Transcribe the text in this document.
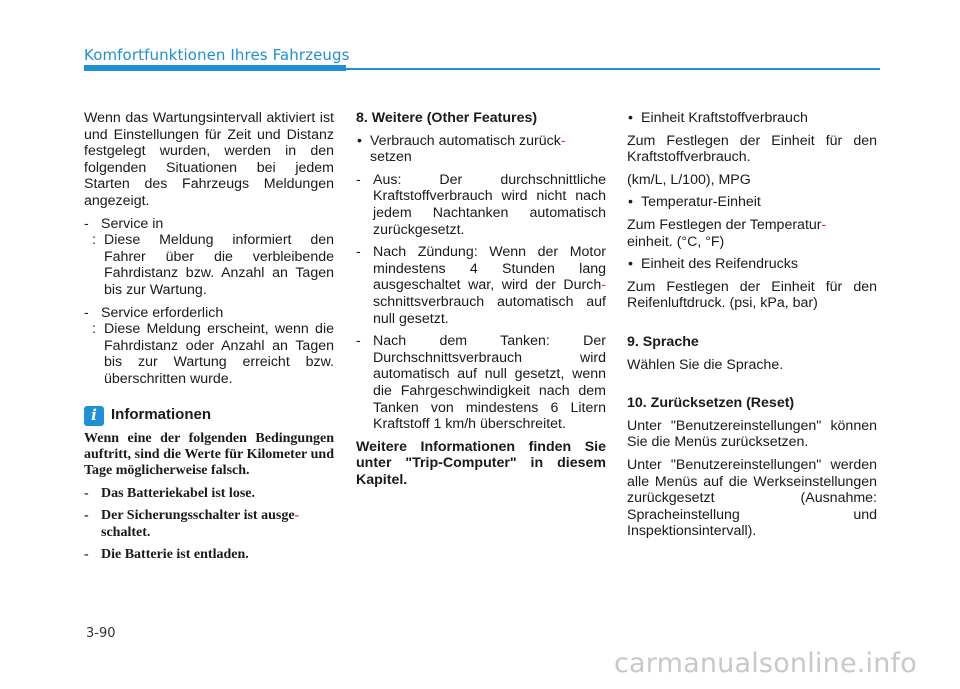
Komfortfunktionen Ihres Fahrzeugs

Wenn das Wartungsintervall aktiviert ist und Einstellungen für Zeit und Distanz festgelegt wurden, werden in den folgenden Situationen bei jedem Starten des Fahrzeugs Meldungen angezeigt.

- Service in
: Diese Meldung informiert den Fahrer über die verbleibende Fahrdistanz bzw. Anzahl an Tagen bis zur Wartung.
- Service erforderlich
: Diese Meldung erscheint, wenn die Fahrdistanz oder Anzahl an Tagen bis zur Wartung erreicht bzw. überschritten wurde.
i Informationen

Wenn eine der folgenden Bedingungen auftritt, sind die Werte für Kilometer und Tage möglicherweise falsch.

- Das Batteriekabel ist lose.
- Der Sicherungsschalter ist ausge-
schaltet.
- Die Batterie ist entladen.

8. Weitere (Other Features)

• Verbrauch automatisch zurück-
setzen
- Aus: Der durchschnittliche Kraftstoffverbrauch wird nicht nach jedem Nachtanken automatisch zurückgesetzt.
- Nach Zündung: Wenn der Motor mindestens 4 Stunden lang ausgeschaltet war, wird der Durch- schnittsverbrauch automatisch auf null gesetzt.
- Nach dem Tanken: Der Durchschnittsverbrauch wird automatisch auf null gesetzt, wenn die Fahrgeschwindigkeit nach dem Tanken von mindestens 6 Litern Kraftstoff 1 km/h überschreitet.

Weitere Informationen finden Sie unter "Trip-Computer" in diesem Kapitel.

• Einheit Kraftstoffverbrauch

Zum Festlegen der Einheit für den Kraftstoffverbrauch.

(km/L, L/100), MPG

• Temperatur-Einheit

Zum Festlegen der Temperatur-
einheit. (°C, °F)

• Einheit des Reifendrucks

Zum Festlegen der Einheit für den Reifenluftdruck. (psi, kPa, bar)

9. Sprache

Wählen Sie die Sprache.

10. Zurücksetzen (Reset)

Unter "Benutzereinstellungen" können Sie die Menüs zurücksetzen.

Unter "Benutzereinstellungen" werden alle Menüs auf die Werkseinstellungen zurückgesetzt (Ausnahme: Spracheinstellung und Inspektionsintervall).

3-90
carmanualsonline.info
